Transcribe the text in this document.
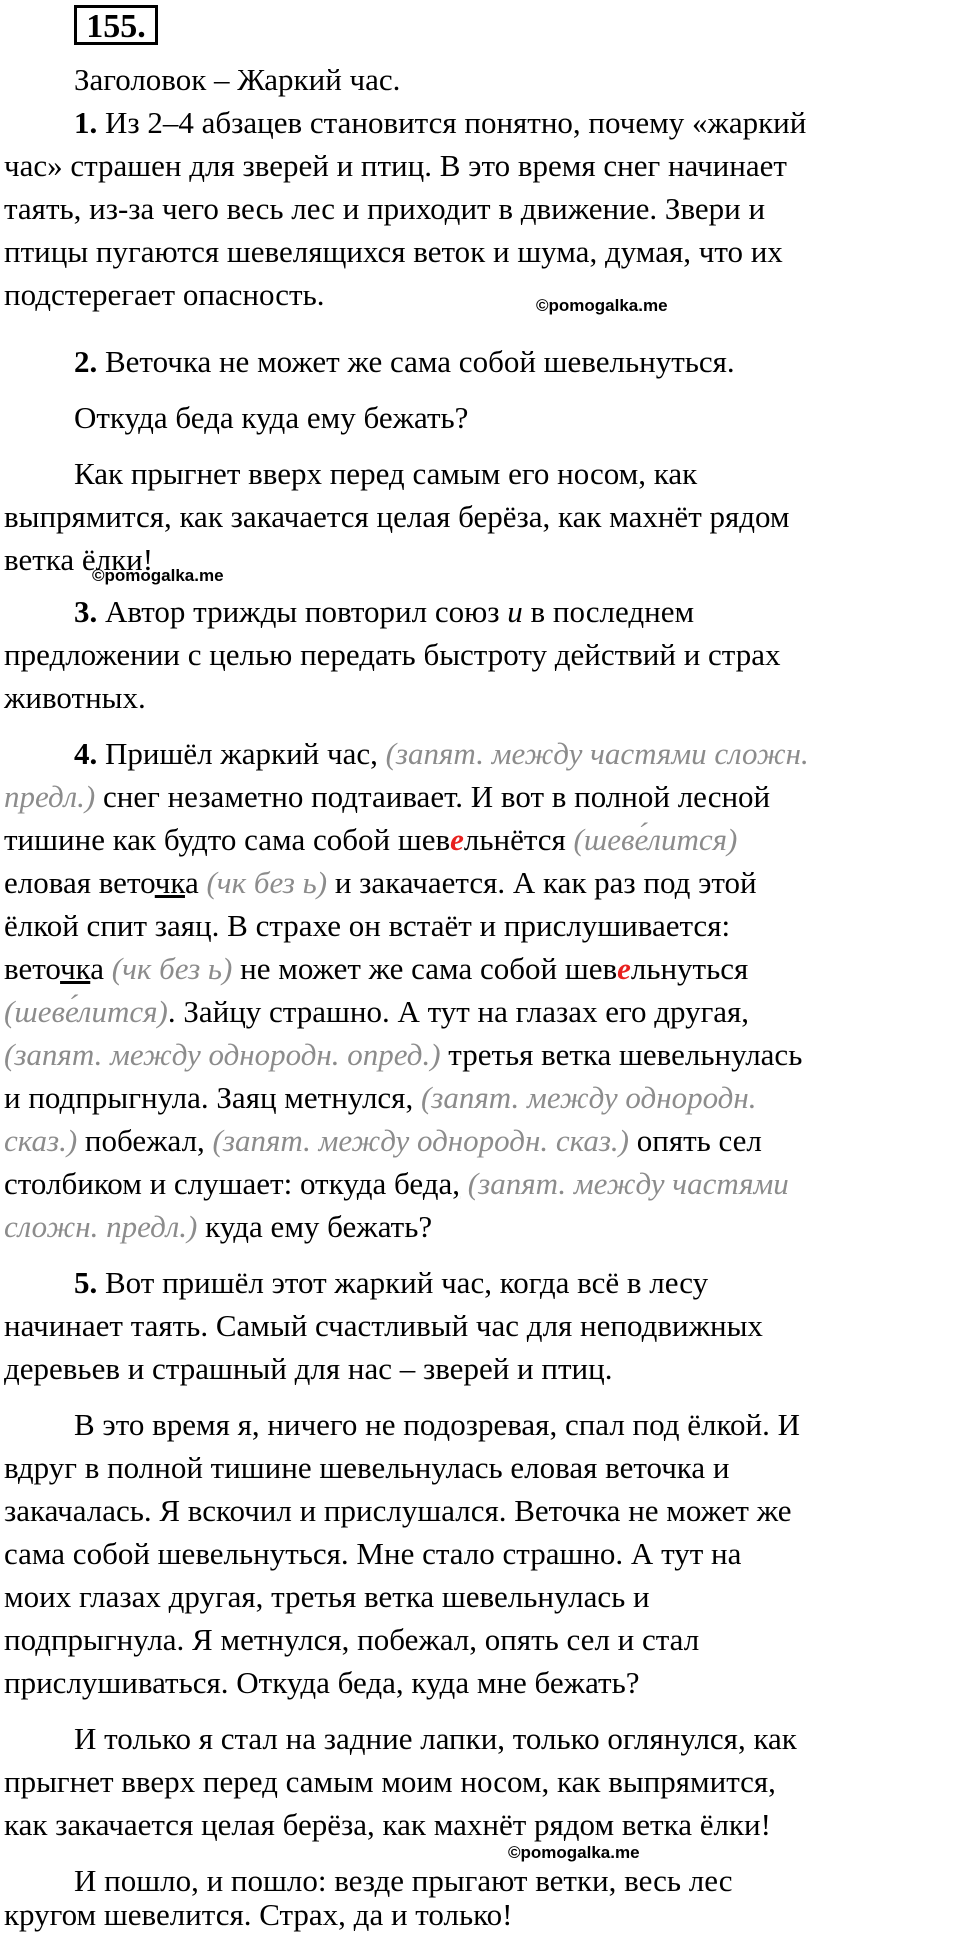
155.
Заголовок – Жаркий час.
1. Из 2–4 абзацев становится понятно, почему «жаркий
час» страшен для зверей и птиц. В это время снег начинает
таять, из-за чего весь лес и приходит в движение. Звери и
птицы пугаются шевелящихся веток и шума, думая, что их
подстерегает опасность.	©pomogalka.me
2. Веточка не может же сама собой шевельнуться.
Откуда беда куда ему бежать?
Как прыгнет вверх перед самым его носом, как
выпрямится, как закачается целая берёза, как махнёт рядом
ветка ёлки!
©pomogalka.me
3. Автор трижды повторил союз и в последнем
предложении с целью передать быстроту действий и страх
животных.
4. Пришёл жаркий час, (запят. между частями сложн.
предл.) снег незаметно подтаивает. И вот в полной лесной
тишине как будто сама собой шевельнётся (шеве́лится)
еловая веточка (чк без ь) и закачается. А как раз под этой
ёлкой спит заяц. В страхе он встаёт и прислушивается:
веточка (чк без ь) не может же сама собой шевельнуться
(шеве́лится). Зайцу страшно. А тут на глазах его другая,
(запят. между однородн. опред.) третья ветка шевельнулась
и подпрыгнула. Заяц метнулся, (запят. между однородн.
сказ.) побежал, (запят. между однородн. сказ.) опять сел
столбиком и слушает: откуда беда, (запят. между частями
сложн. предл.) куда ему бежать?
5. Вот пришёл этот жаркий час, когда всё в лесу
начинает таять. Самый счастливый час для неподвижных
деревьев и страшный для нас – зверей и птиц.
В это время я, ничего не подозревая, спал под ёлкой. И
вдруг в полной тишине шевельнулась еловая веточка и
закачалась. Я вскочил и прислушался. Веточка не может же
сама собой шевельнуться. Мне стало страшно. А тут на
моих глазах другая, третья ветка шевельнулась и
подпрыгнула. Я метнулся, побежал, опять сел и стал
прислушиваться. Откуда беда, куда мне бежать?
И только я стал на задние лапки, только оглянулся, как
прыгнет вверх перед самым моим носом, как выпрямится,
как закачается целая берёза, как махнёт рядом ветка ёлки!
©pomogalka.me
И пошло, и пошло: везде прыгают ветки, весь лес
кругом шевелится. Страх, да и только!
